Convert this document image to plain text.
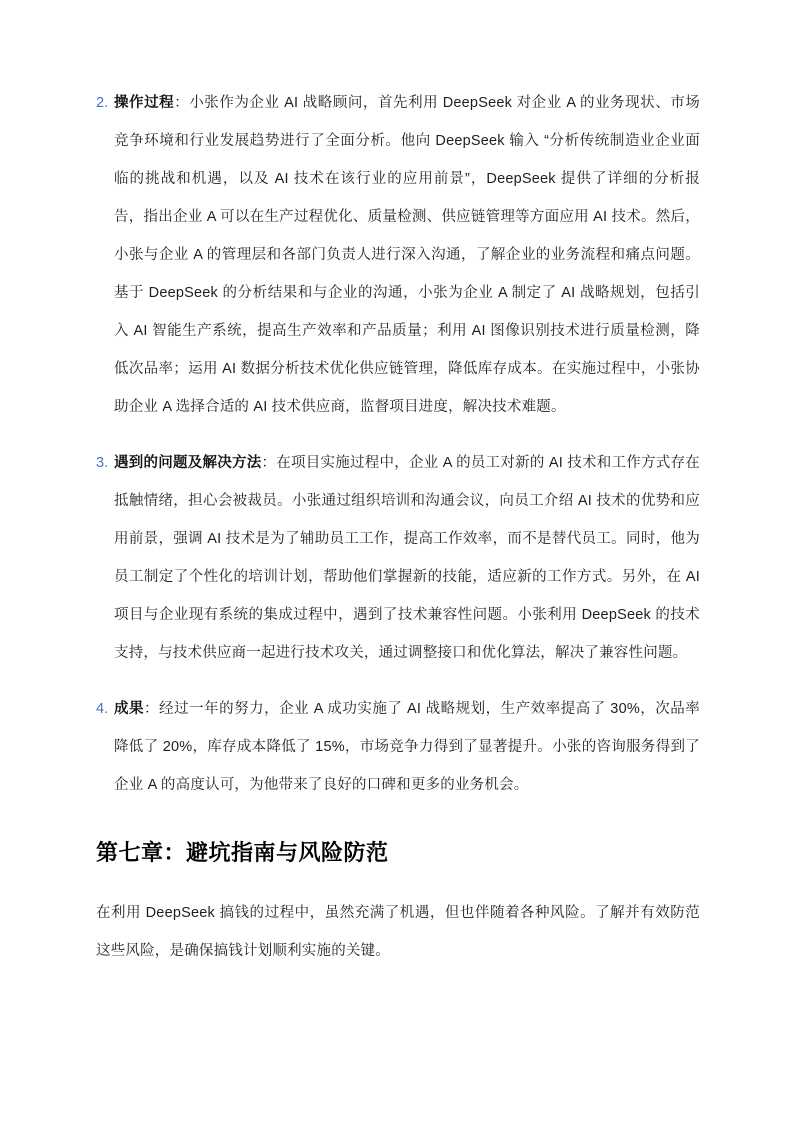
2. 操作过程：小张作为企业 AI 战略顾问，首先利用 DeepSeek 对企业 A 的业务现状、市场竞争环境和行业发展趋势进行了全面分析。他向 DeepSeek 输入 “分析传统制造业企业面临的挑战和机遇，以及 AI 技术在该行业的应用前景”，DeepSeek 提供了详细的分析报告，指出企业 A 可以在生产过程优化、质量检测、供应链管理等方面应用 AI 技术。然后，小张与企业 A 的管理层和各部门负责人进行深入沟通，了解企业的业务流程和痛点问题。基于 DeepSeek 的分析结果和与企业的沟通，小张为企业 A 制定了 AI 战略规划，包括引入 AI 智能生产系统，提高生产效率和产品质量；利用 AI 图像识别技术进行质量检测，降低次品率；运用 AI 数据分析技术优化供应链管理，降低库存成本。在实施过程中，小张协助企业 A 选择合适的 AI 技术供应商，监督项目进度，解决技术难题。

3. 遇到的问题及解决方法：在项目实施过程中，企业 A 的员工对新的 AI 技术和工作方式存在抵触情绪，担心会被裁员。小张通过组织培训和沟通会议，向员工介绍 AI 技术的优势和应用前景，强调 AI 技术是为了辅助员工工作，提高工作效率，而不是替代员工。同时，他为员工制定了个性化的培训计划，帮助他们掌握新的技能，适应新的工作方式。另外，在 AI 项目与企业现有系统的集成过程中，遇到了技术兼容性问题。小张利用 DeepSeek 的技术支持，与技术供应商一起进行技术攻关，通过调整接口和优化算法，解决了兼容性问题。

4. 成果：经过一年的努力，企业 A 成功实施了 AI 战略规划，生产效率提高了 30%，次品率降低了 20%，库存成本降低了 15%，市场竞争力得到了显著提升。小张的咨询服务得到了企业 A 的高度认可，为他带来了良好的口碑和更多的业务机会。

第七章：避坑指南与风险防范

在利用 DeepSeek 搞钱的过程中，虽然充满了机遇，但也伴随着各种风险。了解并有效防范这些风险，是确保搞钱计划顺利实施的关键。
